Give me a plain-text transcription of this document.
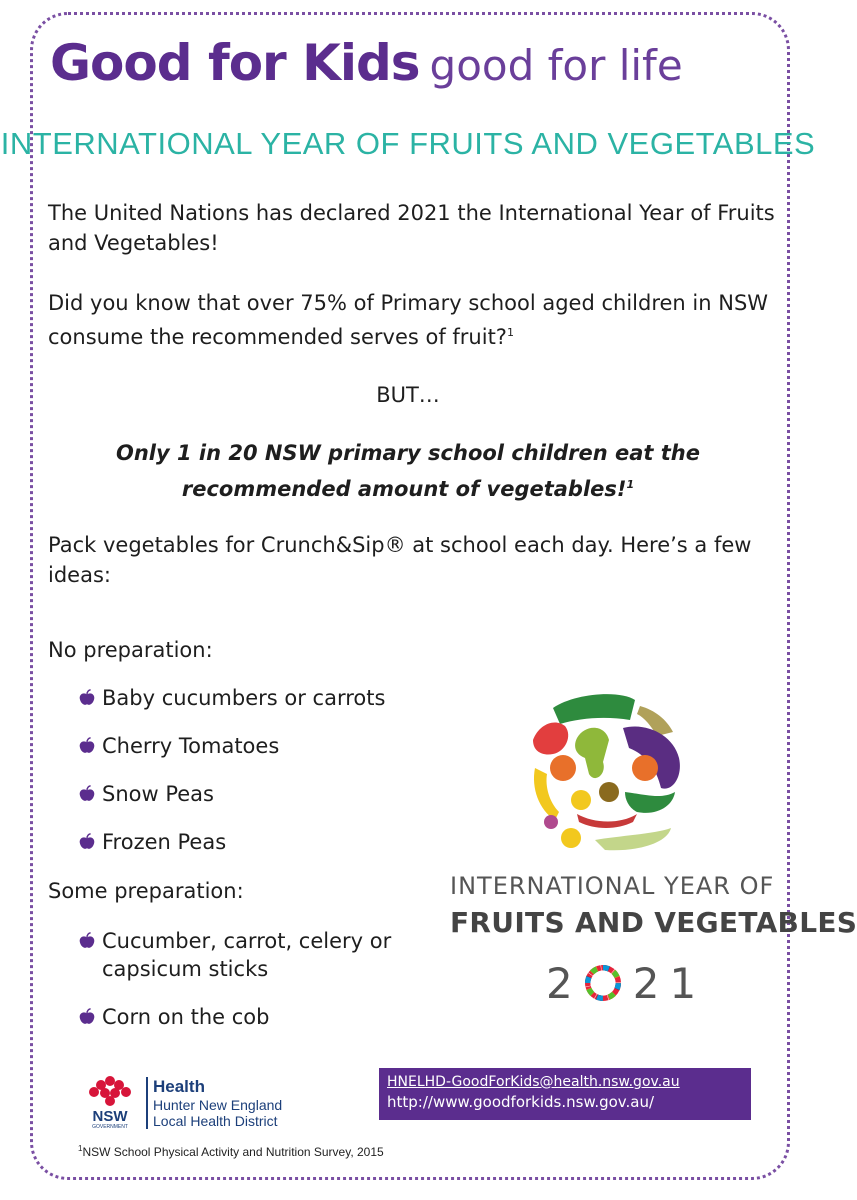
Good for Kids good for life
INTERNATIONAL YEAR OF FRUITS AND VEGETABLES
The United Nations has declared 2021 the International Year of Fruits and Vegetables!
Did you know that over 75% of Primary school aged children in NSW consume the recommended serves of fruit?$^1$
BUT…
Only 1 in 20 NSW primary school children eat the recommended amount of vegetables!$^1$
Pack vegetables for Crunch&Sip® at school each day. Here’s a few ideas:
No preparation:
Baby cucumbers or carrots
Cherry Tomatoes
Snow Peas
Frozen Peas
Some preparation:
Cucumber, carrot, celery or capsicum sticks
Corn on the cob
INTERNATIONAL YEAR OF
FRUITS AND VEGETABLES
2 21
NSW
GOVERNMENT
Health
Hunter New England
Local Health District
HNELHD-GoodForKids@health.nsw.gov.au
http://www.goodforkids.nsw.gov.au/
$^1$NSW School Physical Activity and Nutrition Survey, 2015
